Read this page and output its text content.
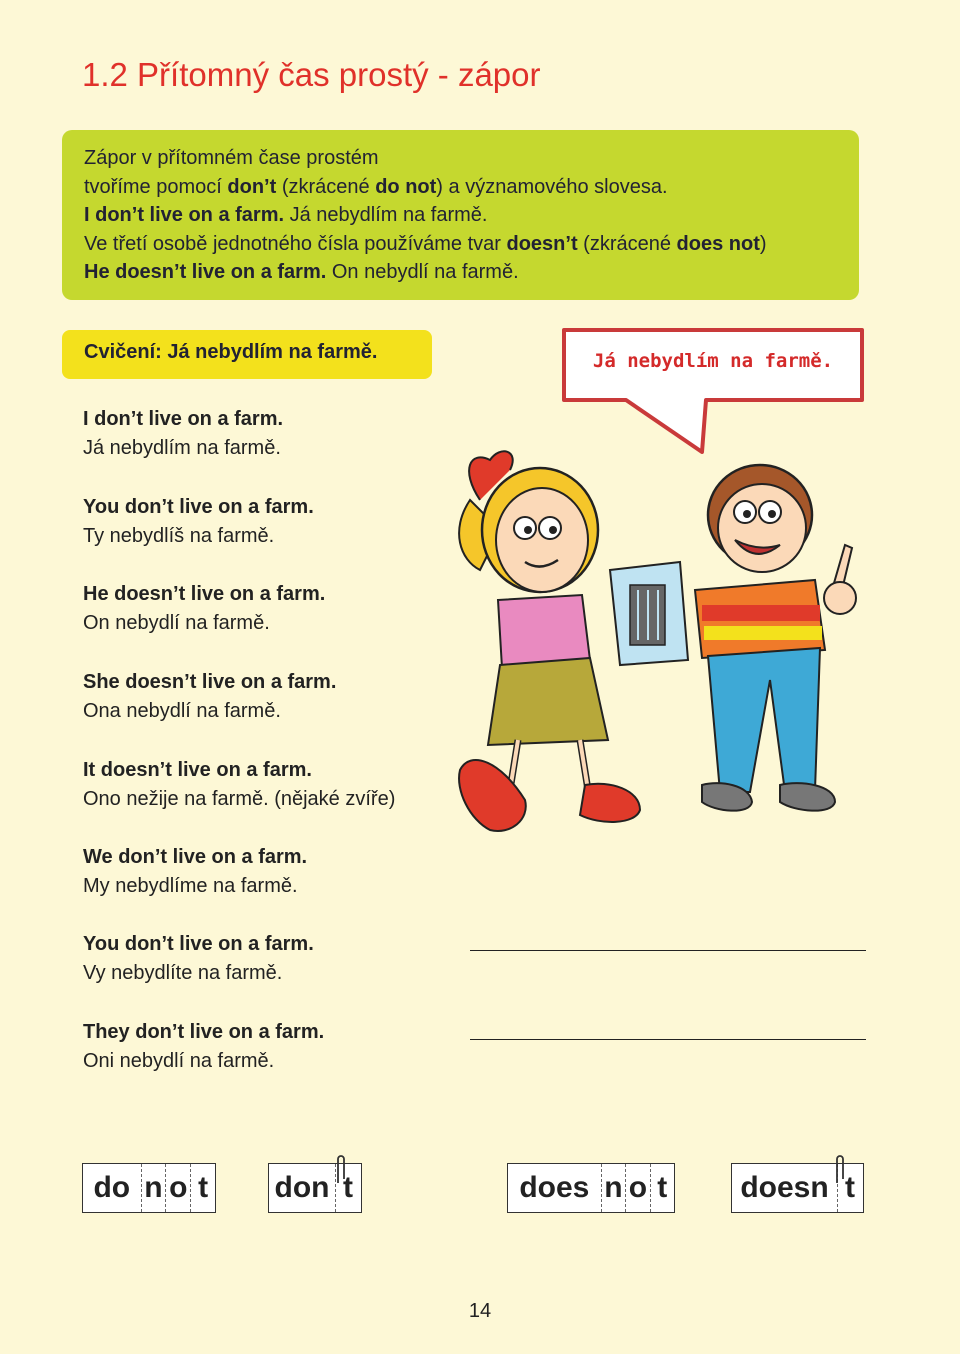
1.2 Přítomný čas prostý - zápor
Zápor v přítomném čase prostém
tvoříme pomocí don’t (zkrácené do not) a významového slovesa.
I don’t live on a farm. Já nebydlím na farmě.
Ve třetí osobě jednotného čísla používáme tvar doesn’t (zkrácené does not)
He doesn’t live on a farm. On nebydlí na farmě.
Cvičení: Já nebydlím na farmě.	Já nebydlím na farmě.
I don’t live on a farm.
Já nebydlím na farmě.
You don’t live on a farm.
Ty nebydlíš na farmě.
He doesn’t live on a farm.
On nebydlí na farmě.
She doesn’t live on a farm.
Ona nebydlí na farmě.
It doesn’t live on a farm.
Ono nežije na farmě. (nějaké zvíře)
We don’t live on a farm.
My nebydlíme na farmě.
You don’t live on a farm.
Vy nebydlíte na farmě.
They don’t live on a farm.
Oni nebydlí na farmě.
do n o t don t	does n o t doesn t
14
